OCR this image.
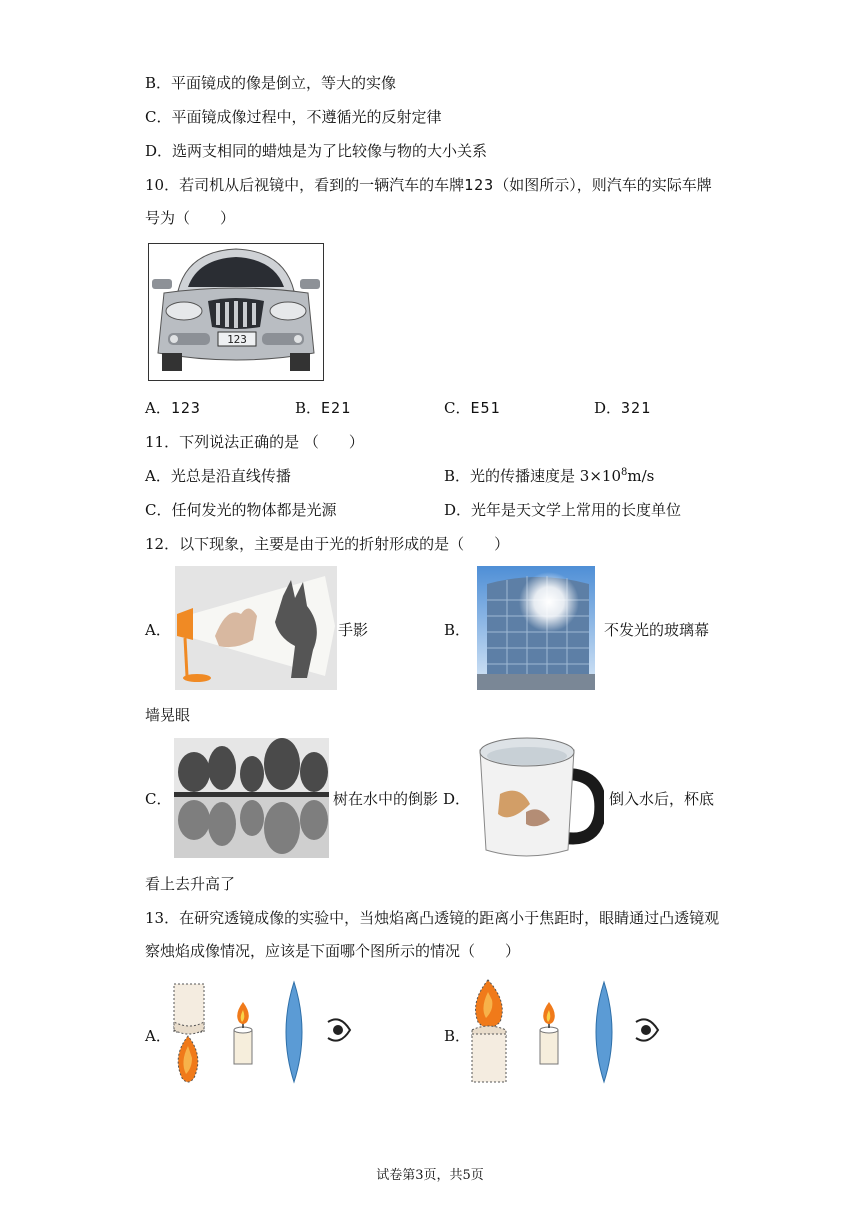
B．平面镜成的像是倒立，等大的实像
C．平面镜成像过程中，不遵循光的反射定律
D．选两支相同的蜡烛是为了比较像与物的大小关系
10．若司机从后视镜中，看到的一辆汽车的车牌123（如图所示），则汽车的实际车牌
号为（　　）
123
A．123	B．E21	C．E51	D．321
11．下列说法正确的是 （　　）
A．光总是沿直线传播	B．光的传播速度是 $3\times 10^8m/s$
C．任何发光的物体都是光源	D．光年是天文学上常用的长度单位
12．以下现象，主要是由于光的折射形成的是（　　）
A．	手影	B．	不发光的玻璃幕
墙晃眼
C．	树在水中的倒影 D．	倒入水后，杯底
看上去升高了
13．在研究透镜成像的实验中，当烛焰离凸透镜的距离小于焦距时，眼睛通过凸透镜观
察烛焰成像情况，应该是下面哪个图所示的情况（　　）
A．	B．
试卷第3页，共5页
